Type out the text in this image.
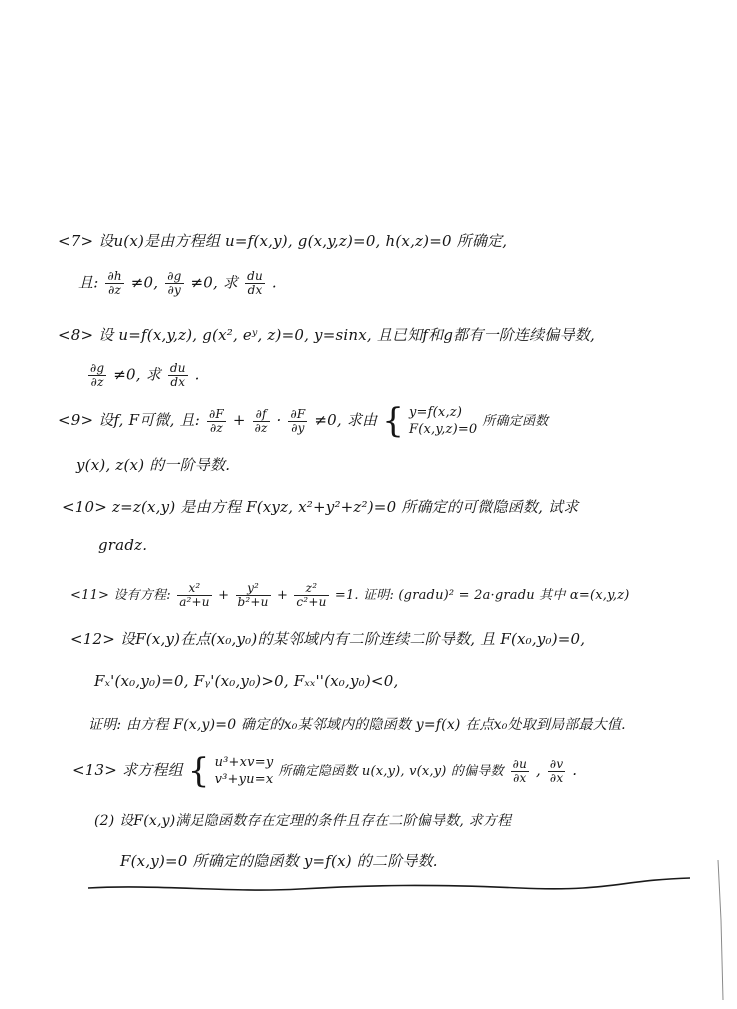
<7> 设u(x)是由方程组 u=f(x,y), g(x,y,z)=0, h(x,z)=0 所确定,
且: $\frac{\partial h}{\partial z} \ne 0$, $\frac{\partial g}{\partial y} \ne 0$, 求 $\frac{du}{dx}$ .
<8> 设 u=f(x,y,z), g(x², eʸ, z)=0, y=sinx, 且已知f和g都有一阶连续偏导数,
$\frac{\partial g}{\partial z} \ne 0$, 求 $\frac{du}{dx}$ .
<9> 设f, F可微, 且: $\frac{\partial F}{\partial z} + \frac{\partial f}{\partial z} \cdot \frac{\partial F}{\partial y} \ne 0$, 求由 { y=f(x,z)
F(x,y,z)=0
所确定函数
y(x), z(x) 的一阶导数.
<10> z=z(x,y) 是由方程 F(xyz, x²+y²+z²)=0 所确定的可微隐函数, 试求
gradz.
<11> 设有方程: $\frac{\text{x²}}{\text{a²+u}} + \frac{\text{y²}}{\text{b²+u}} + \frac{\text{z²}}{\text{c²+u}} =1$. 证明: (gradu)² = 2a·gradu 其中 α=(x,y,z)
<12> 设F(x,y)在点(x₀,y₀)的某邻域内有二阶连续二阶导数, 且 F(x₀,y₀)=0,
Fₓ'(x₀,y₀)=0, Fᵧ'(x₀,y₀)>0, Fₓₓ''(x₀,y₀)<0,
证明: 由方程 F(x,y)=0 确定的x₀某邻域内的隐函数 y=f(x) 在点x₀处取到局部最大值.
<13> 求方程组 { u³+xv=y
v³+yu=x
所确定隐函数 u(x,y), v(x,y) 的偏导数 $\frac{\partial u}{\partial x}$ , $\frac{\partial v}{\partial x}$ .
(2) 设F(x,y)满足隐函数存在定理的条件且存在二阶偏导数, 求方程
F(x,y)=0 所确定的隐函数 y=f(x) 的二阶导数.
